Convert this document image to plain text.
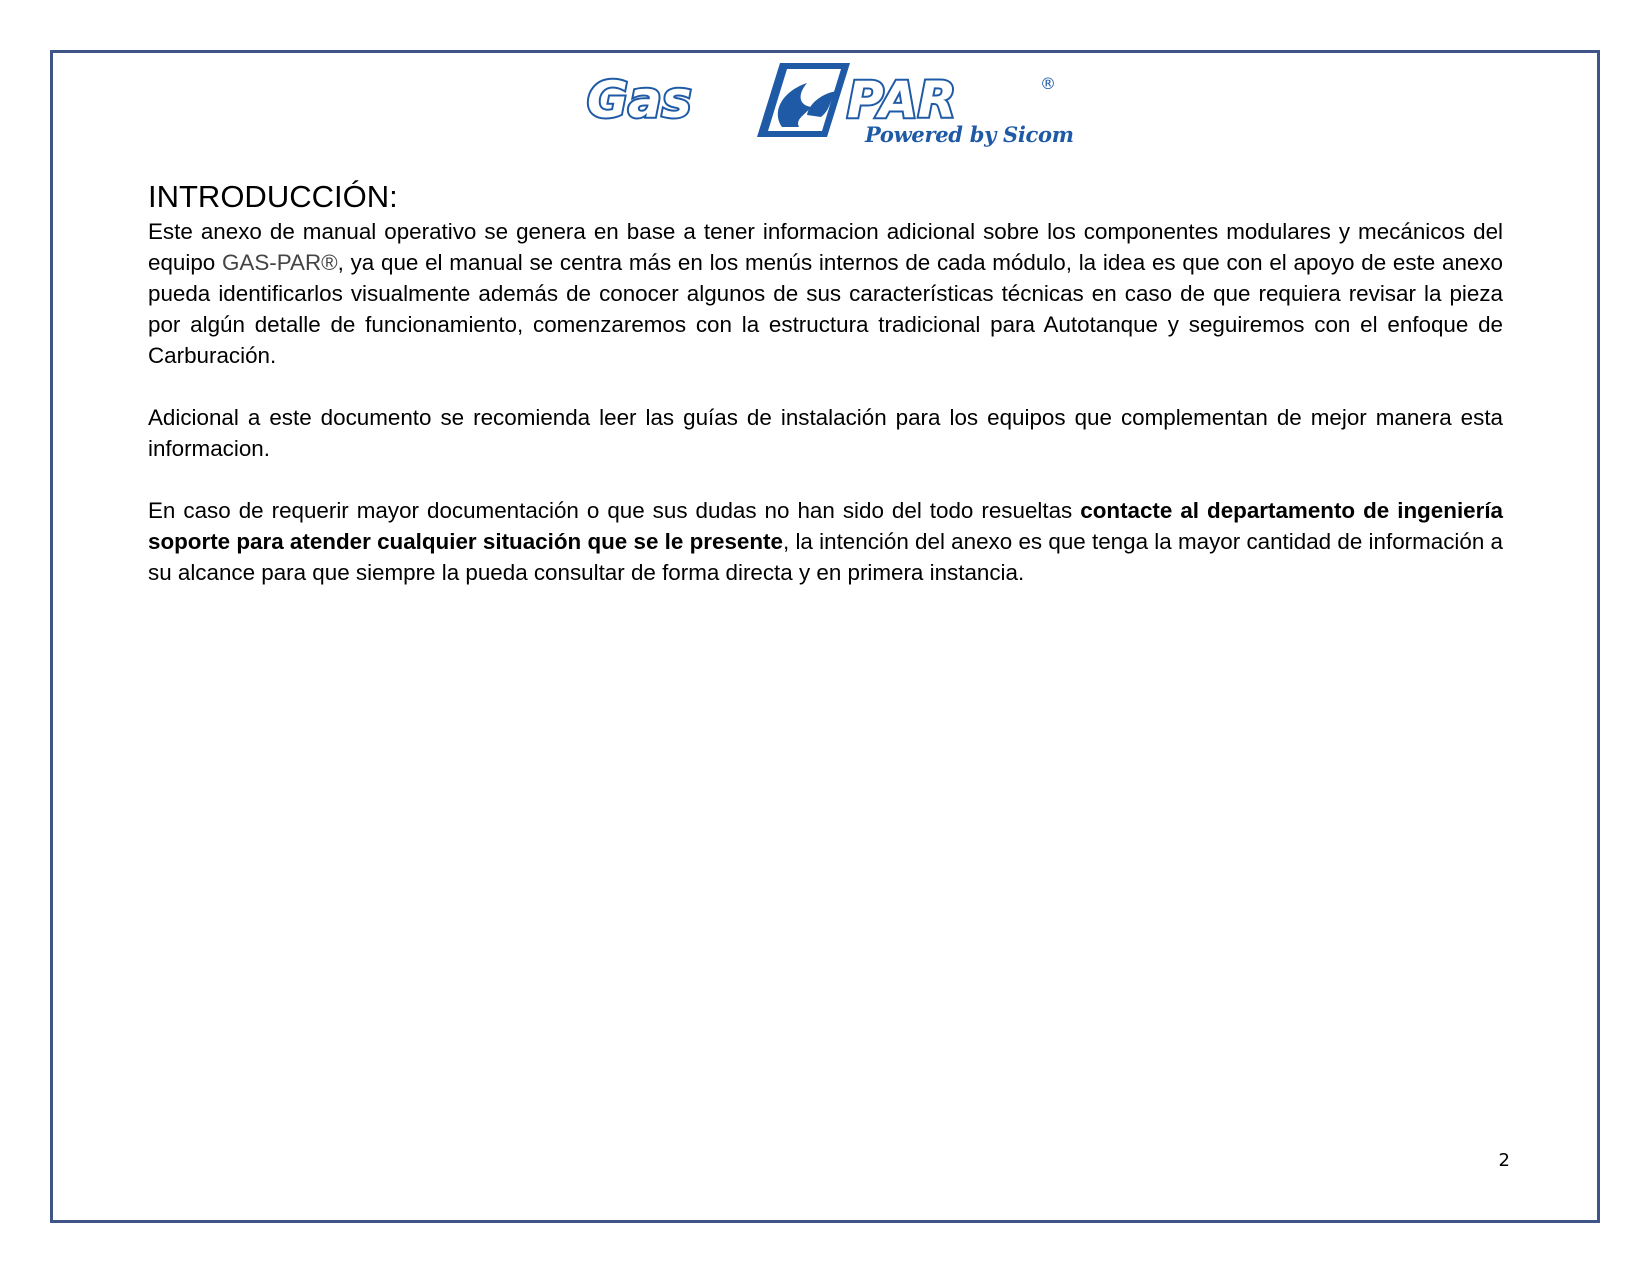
Gas	PAR	®
Powered by Sicom
INTRODUCCIÓN:

Este anexo de manual operativo se genera en base a tener informacion adicional sobre los componentes modulares y mecánicos del equipo GAS-PAR®, ya que el manual se centra más en los menús internos de cada módulo, la idea es que con el apoyo de este anexo pueda identificarlos visualmente además de conocer algunos de sus características técnicas en caso de que requiera revisar la pieza por algún detalle de funcionamiento, comenzaremos con la estructura tradicional para Autotanque y seguiremos con el enfoque de Carburación.

Adicional a este documento se recomienda leer las guías de instalación para los equipos que complementan de mejor manera esta informacion.

En caso de requerir mayor documentación o que sus dudas no han sido del todo resueltas contacte al departamento de ingeniería soporte para atender cualquier situación que se le presente, la intención del anexo es que tenga la mayor cantidad de información a su alcance para que siempre la pueda consultar de forma directa y en primera instancia.

2
